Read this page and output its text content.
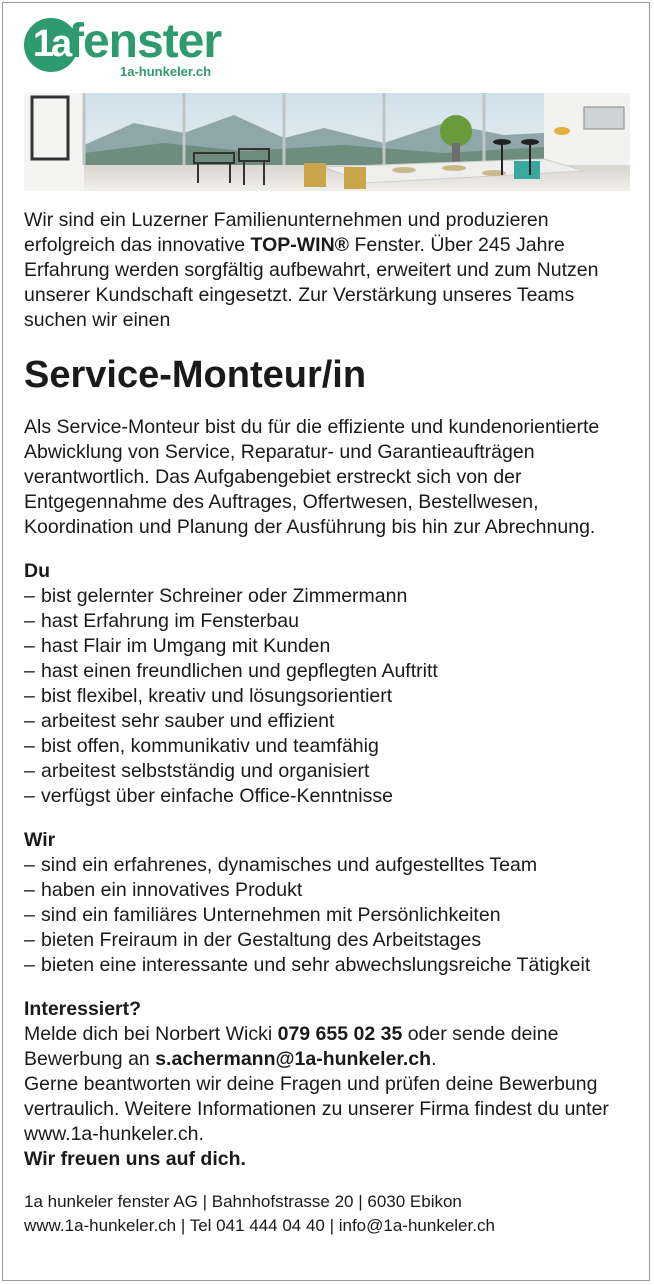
1a
fenster
1a-hunkeler.ch

Wir sind ein Luzerner Familienunternehmen und produzieren erfolgreich das innovative TOP-WIN® Fenster. Über 245 Jahre Erfahrung werden sorgfältig aufbewahrt, erweitert und zum Nutzen unserer Kundschaft eingesetzt. Zur Verstärkung unseres Teams suchen wir einen

Service-Monteur/in

Als Service-Monteur bist du für die effiziente und kundenorientierte Abwicklung von Service, Reparatur- und Garantieaufträgen verantwortlich. Das Aufgabengebiet erstreckt sich von der Entgegennahme des Auftrages, Offertwesen, Bestellwesen, Koordination und Planung der Ausführung bis hin zur Abrechnung.

Du
– bist gelernter Schreiner oder Zimmermann
– hast Erfahrung im Fensterbau
– hast Flair im Umgang mit Kunden
– hast einen freundlichen und gepflegten Auftritt
– bist flexibel, kreativ und lösungsorientiert
– arbeitest sehr sauber und effizient
– bist offen, kommunikativ und teamfähig
– arbeitest selbstständig und organisiert
– verfügst über einfache Office-Kenntnisse
Wir
– sind ein erfahrenes, dynamisches und aufgestelltes Team
– haben ein innovatives Produkt
– sind ein familiäres Unternehmen mit Persönlichkeiten
– bieten Freiraum in der Gestaltung des Arbeitstages
– bieten eine interessante und sehr abwechslungsreiche Tätigkeit
Interessiert?

Melde dich bei Norbert Wicki 079 655 02 35 oder sende deine Bewerbung an s.achermann@1a-hunkeler.ch.
Gerne beantworten wir deine Fragen und prüfen deine Bewerbung vertraulich. Weitere Informationen zu unserer Firma findest du unter www.1a-hunkeler.ch.

Wir freuen uns auf dich.

1a hunkeler fenster AG | Bahnhofstrasse 20 | 6030 Ebikon
www.1a-hunkeler.ch | Tel 041 444 04 40 | info@1a-hunkeler.ch
